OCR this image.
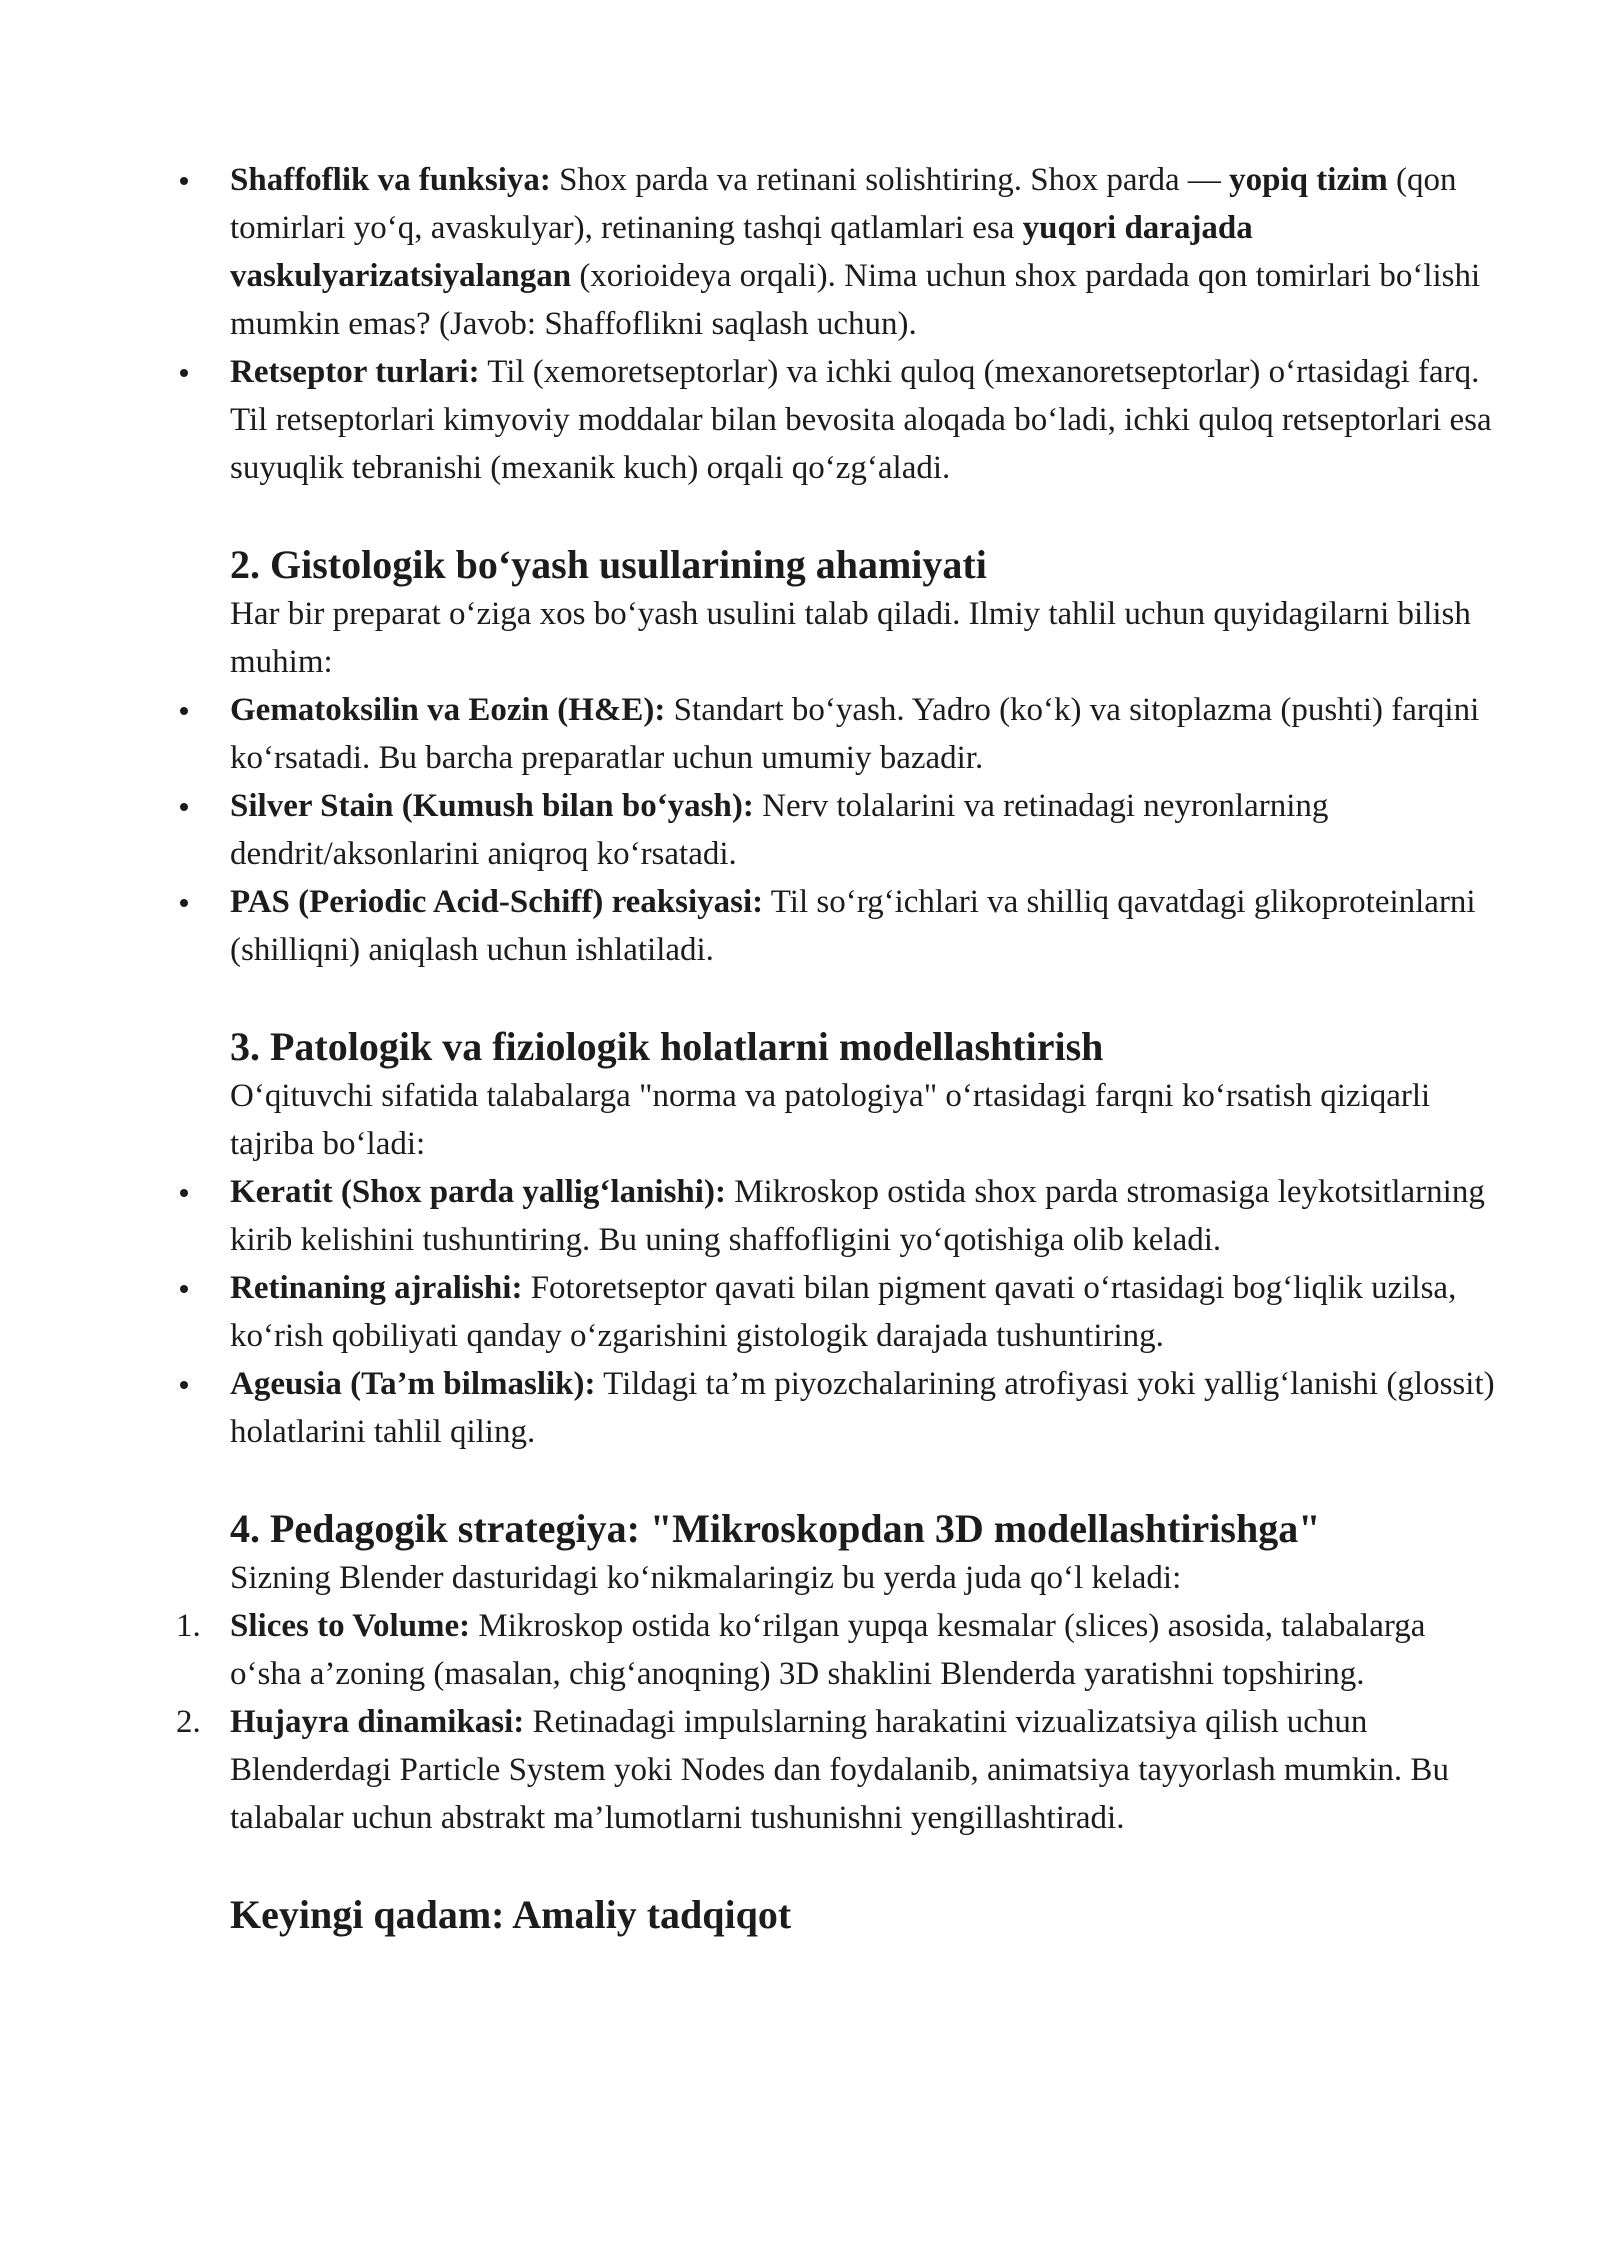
Shaffoflik va funksiya: Shox parda va retinani solishtiring. Shox parda — yopiq tizim (qon tomirlari yo‘q, avaskulyar), retinaning tashqi qatlamlari esa yuqori darajada vaskulyarizatsiyalangan (xorioideya orqali). Nima uchun shox pardada qon tomirlari bo‘lishi mumkin emas? (Javob: Shaffoflikni saqlash uchun).
Retseptor turlari: Til (xemoretseptorlar) va ichki quloq (mexanoretseptorlar) o‘rtasidagi farq. Til retseptorlari kimyoviy moddalar bilan bevosita aloqada bo‘ladi, ichki quloq retseptorlari esa suyuqlik tebranishi (mexanik kuch) orqali qo‘zg‘aladi.
2. Gistologik bo‘yash usullarining ahamiyati
Har bir preparat o‘ziga xos bo‘yash usulini talab qiladi. Ilmiy tahlil uchun quyidagilarni bilish muhim:
Gematoksilin va Eozin (H&E): Standart bo‘yash. Yadro (ko‘k) va sitoplazma (pushti) farqini ko‘rsatadi. Bu barcha preparatlar uchun umumiy bazadir.
Silver Stain (Kumush bilan bo‘yash): Nerv tolalarini va retinadagi neyronlarning dendrit/aksonlarini aniqroq ko‘rsatadi.
PAS (Periodic Acid-Schiff) reaksiyasi: Til so‘rg‘ichlari va shilliq qavatdagi glikoproteinlarni (shilliqni) aniqlash uchun ishlatiladi.
3. Patologik va fiziologik holatlarni modellashtirish
O‘qituvchi sifatida talabalarga "norma va patologiya" o‘rtasidagi farqni ko‘rsatish qiziqarli tajriba bo‘ladi:
Keratit (Shox parda yallig‘lanishi): Mikroskop ostida shox parda stromasiga leykotsitlarning kirib kelishini tushuntiring. Bu uning shaffofligini yo‘qotishiga olib keladi.
Retinaning ajralishi: Fotoretseptor qavati bilan pigment qavati o‘rtasidagi bog‘liqlik uzilsa, ko‘rish qobiliyati qanday o‘zgarishini gistologik darajada tushuntiring.
Ageusia (Ta’m bilmaslik): Tildagi ta’m piyozchalarining atrofiyasi yoki yallig‘lanishi (glossit) holatlarini tahlil qiling.
4. Pedagogik strategiya: "Mikroskopdan 3D modellashtirishga"
Sizning Blender dasturidagi ko‘nikmalaringiz bu yerda juda qo‘l keladi:
1. Slices to Volume: Mikroskop ostida ko‘rilgan yupqa kesmalar (slices) asosida, talabalarga o‘sha a’zoning (masalan, chig‘anoqning) 3D shaklini Blenderda yaratishni topshiring.
2. Hujayra dinamikasi: Retinadagi impulslarning harakatini vizualizatsiya qilish uchun Blenderdagi Particle System yoki Nodes dan foydalanib, animatsiya tayyorlash mumkin. Bu talabalar uchun abstrakt ma’lumotlarni tushunishni yengillashtiradi.
Keyingi qadam: Amaliy tadqiqot
